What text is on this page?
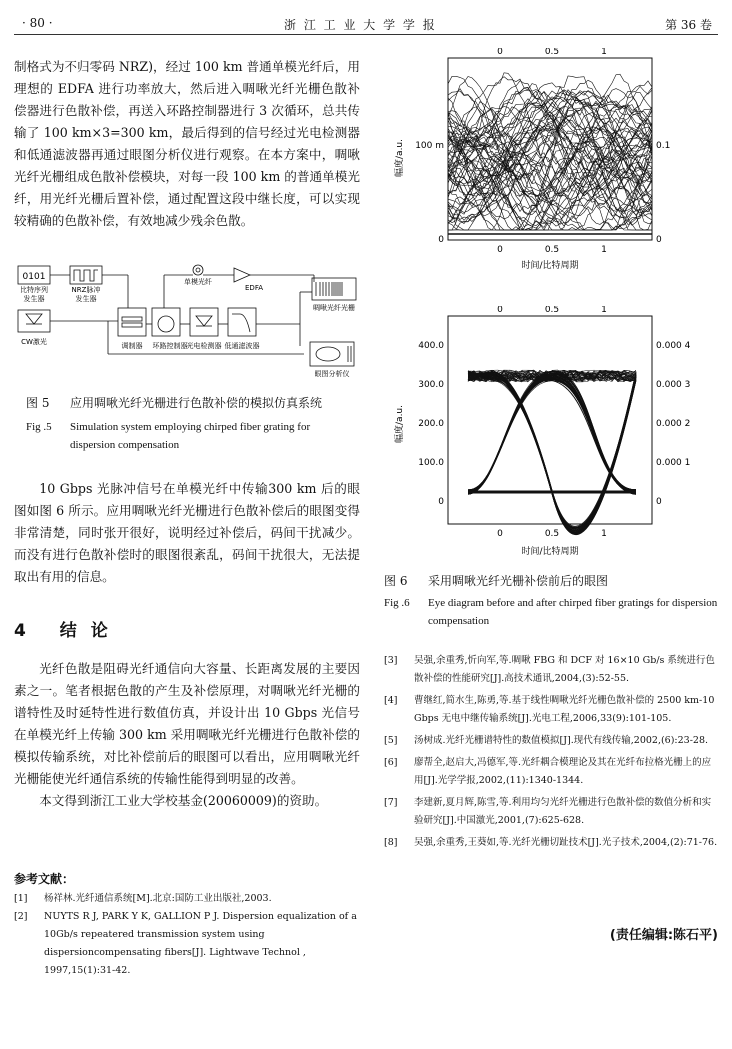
· 80 ·	浙 江 工 业 大 学 学 报	第 36 卷

制格式为不归零码 NRZ)，经过 100 km 普通单模光纤后，用理想的 EDFA 进行功率放大，然后进入啁啾光纤光栅色散补偿器进行色散补偿，再送入环路控制器进行 3 次循环，总共传输了 100 km×3=300 km，最后得到的信号经过光电检测器和低通滤波器再通过眼图分析仪进行观察。在本方案中，啁啾光纤光栅组成色散补偿模块，对每一段 100 km 的普通单模光纤，用光纤光栅后置补偿，通过配置这段中继长度，可以实现较精确的色散补偿，有效地减少残余色散。

0101
比特序列
发生器
NRZ脉冲
发生器
单模光纤
EDFA
啁啾光纤光栅
CW激光	调制器 环路控制器 光电检测器 低通滤波器
眼图分析仪
图 5 应用啁啾光纤光栅进行色散补偿的模拟仿真系统
Fig .5 Simulation system employing chirped fiber grating for dispersion compensation

10 Gbps 光脉冲信号在单模光纤中传输300 km 后的眼图如图 6 所示。应用啁啾光纤光栅进行色散补偿后的眼图变得非常清楚，同时张开很好，说明经过补偿后，码间干扰减少。而没有进行色散补偿时的眼图很紊乱，码间干扰很大，无法提取出有用的信息。

4 结论

光纤色散是阻碍光纤通信向大容量、长距离发展的主要因素之一。笔者根据色散的产生及补偿原理，对啁啾光纤光栅的谱特性及时延特性进行数值仿真，并设计出 10 Gbps 光信号在单模光纤上传输 300 km 采用啁啾光纤光栅进行色散补偿的模拟传输系统，对比补偿前后的眼图可以看出，应用啁啾光纤光栅能使光纤通信系统的传输性能得到明显的改善。

本文得到浙江工业大学校基金(20060009)的资助。

参考文献：
[1] 杨祥林.光纤通信系统[M].北京:国防工业出版社,2003.
[2] NUYTS R J, PARK Y K, GALLION P J. Dispersion equalization of a 10Gb/s repeatered transmission system using dispersioncompensating fibers[J]. Lightwave Technol , 1997,15(1):31-42.
0	0.5	1
0	0.5	1
100 m
0
0.1
0
幅度/a.u.
时间/比特周期
0	0.5	1
0	0.5	1
400.0
300.0
200.0
100.0
0
0.000 4
0.000 3
0.000 2
0.000 1
0
幅度/a.u.
时间/比特周期
图 6 采用啁啾光纤光栅补偿前后的眼图
Fig .6 Eye diagram before and after chirped fiber gratings for dispersion compensation
[3] 吴强,余重秀,忻向军,等.啁啾 FBG 和 DCF 对 16×10 Gb/s 系统进行色散补偿的性能研究[J].高技术通讯,2004,(3):52-55.
[4] 曹继红,简水生,陈勇,等.基于线性啁啾光纤光栅色散补偿的 2500 km-10 Gbps 无电中继传输系统[J].光电工程,2006,33(9):101-105.
[5] 汤树成.光纤光栅谱特性的数值模拟[J].现代有线传输,2002,(6):23-28.
[6] 廖帮全,赵启大,冯德军,等.光纤耦合模理论及其在光纤布拉格光栅上的应用[J].光学学报,2002,(11):1340-1344.
[7] 李建新,夏月辉,陈雪,等.利用均匀光纤光栅进行色散补偿的数值分析和实验研究[J].中国激光,2001,(7):625-628.
[8] 吴强,余重秀,王葵如,等.光纤光栅切趾技术[J].光子技术,2004,(2):71-76.
(责任编辑:陈石平)
